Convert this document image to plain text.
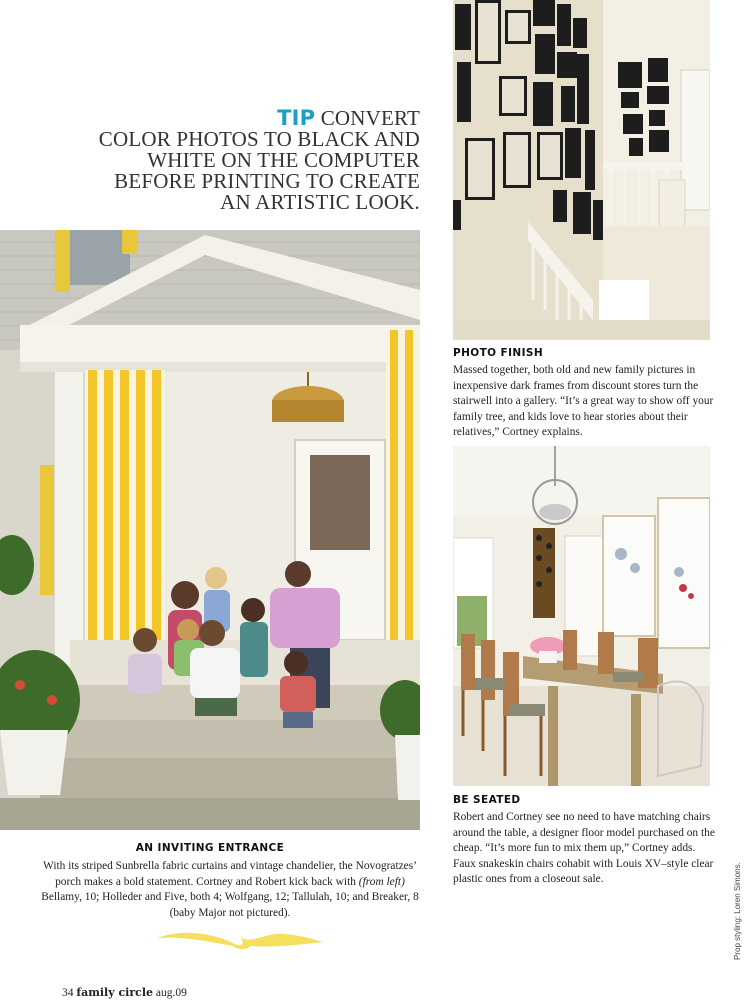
TIP CONVERT
COLOR PHOTOS TO BLACK AND
WHITE ON THE COMPUTER
BEFORE PRINTING TO CREATE
AN ARTISTIC LOOK.
AN INVITING ENTRANCE
With its striped Sunbrella fabric curtains and vintage chandelier, the Novogratzes’ porch makes a bold statement. Cortney and Robert kick back with (from left) Bellamy, 10; Holleder and Five, both 4; Wolfgang, 12; Tallulah, 10; and Breaker, 8 (baby Major not pictured).
PHOTO FINISH
Massed together, both old and new family pictures in inexpensive dark frames from discount stores turn the stairwell into a gallery. “It’s a great way to show off your family tree, and kids love to hear stories about their relatives,” Cortney explains.
BE SEATED
Robert and Cortney see no need to have matching chairs around the table, a designer floor model purchased on the cheap. “It’s more fun to mix them up,” Cortney adds. Faux snakeskin chairs cohabit with Louis XV–style clear plastic ones from a closeout sale.
34 family circle aug.09
Prop styling: Loren Simons.
